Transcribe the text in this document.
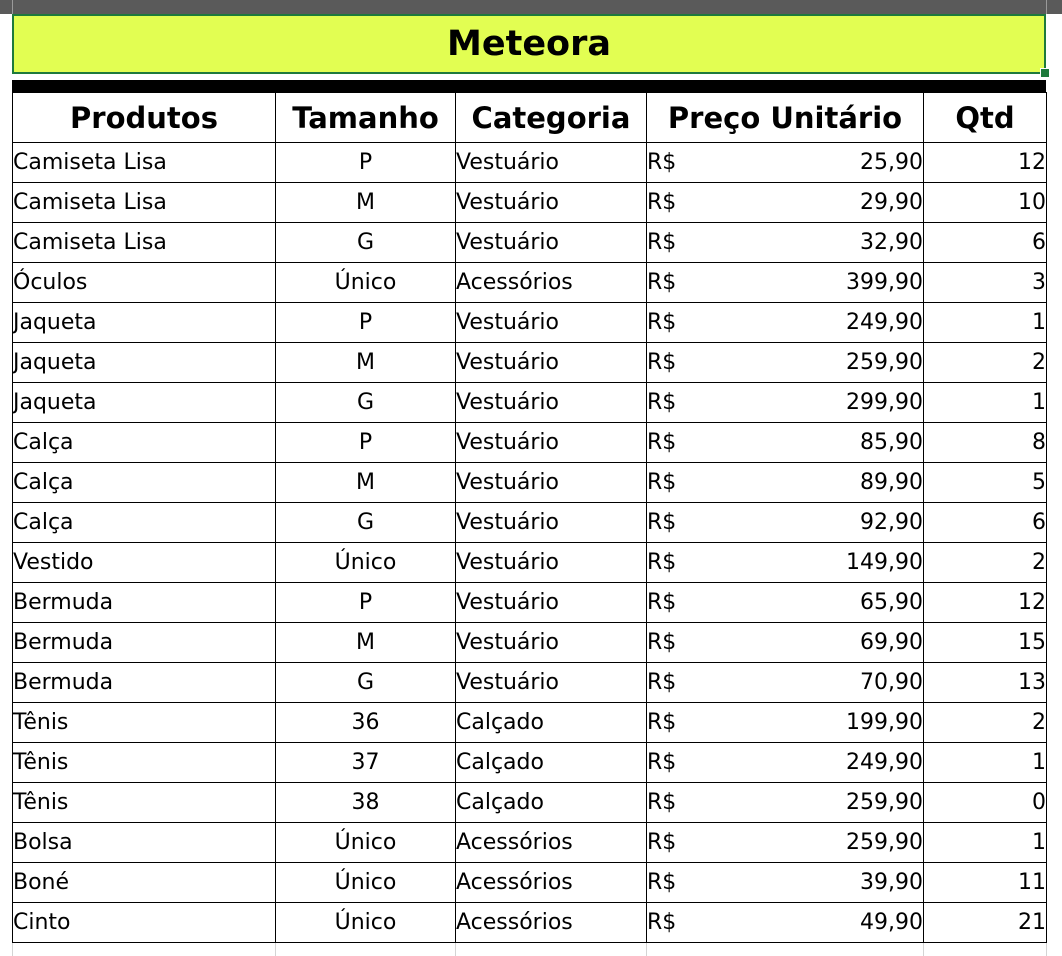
Meteora
Produtos	Tamanho	Categoria	Preço Unitário	Qtd
Camiseta Lisa	P	Vestuário	R$ 25,90	12
Camiseta Lisa	M	Vestuário	R$ 29,90	10
Camiseta Lisa	G	Vestuário	R$ 32,90	6
Óculos	Único	Acessórios	R$ 399,90	3
Jaqueta	P	Vestuário	R$ 249,90	1
Jaqueta	M	Vestuário	R$ 259,90	2
Jaqueta	G	Vestuário	R$ 299,90	1
Calça	P	Vestuário	R$ 85,90	8
Calça	M	Vestuário	R$ 89,90	5
Calça	G	Vestuário	R$ 92,90	6
Vestido	Único	Vestuário	R$ 149,90	2
Bermuda	P	Vestuário	R$ 65,90	12
Bermuda	M	Vestuário	R$ 69,90	15
Bermuda	G	Vestuário	R$ 70,90	13
Tênis	36	Calçado	R$ 199,90	2
Tênis	37	Calçado	R$ 249,90	1
Tênis	38	Calçado	R$ 259,90	0
Bolsa	Único	Acessórios	R$ 259,90	1
Boné	Único	Acessórios	R$ 39,90	11
Cinto	Único	Acessórios	R$ 49,90	21
